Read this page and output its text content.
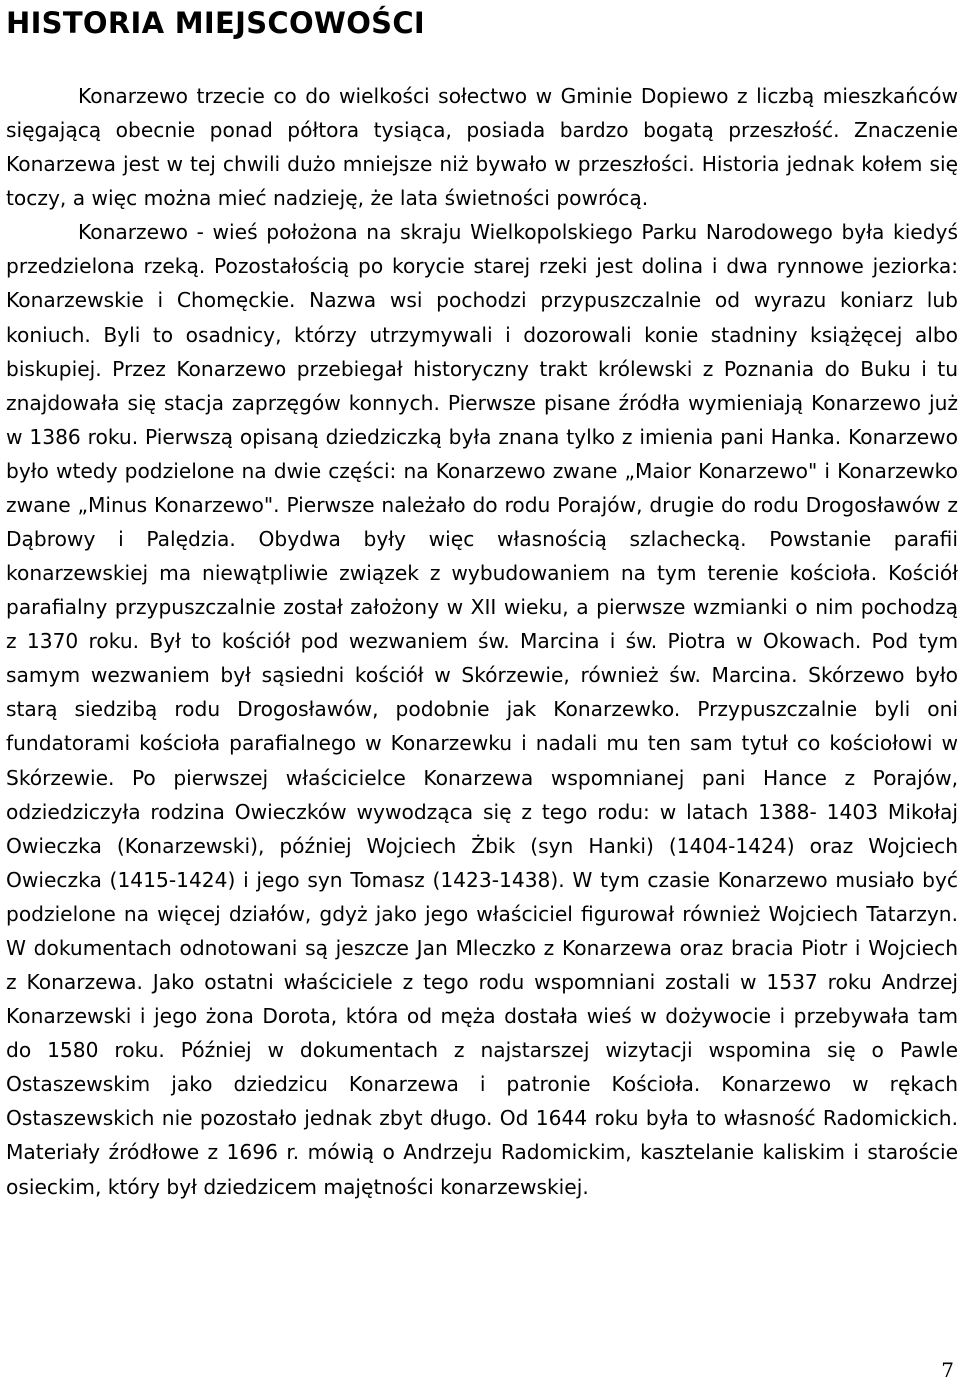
HISTORIA MIEJSCOWOŚCI

Konarzewo trzecie co do wielkości sołectwo w Gminie Dopiewo z liczbą mieszkańców sięgającą obecnie ponad półtora tysiąca, posiada bardzo bogatą przeszłość. Znaczenie Konarzewa jest w tej chwili dużo mniejsze niż bywało w przeszłości. Historia jednak kołem się toczy, a więc można mieć nadzieję, że lata świetności powrócą.

Konarzewo - wieś położona na skraju Wielkopolskiego Parku Narodowego była kiedyś przedzielona rzeką. Pozostałością po korycie starej rzeki jest dolina i dwa rynnowe jeziorka: Konarzewskie i Chomęckie. Nazwa wsi pochodzi przypuszczalnie od wyrazu koniarz lub koniuch. Byli to osadnicy, którzy utrzymywali i dozorowali konie stadniny książęcej albo biskupiej. Przez Konarzewo przebiegał historyczny trakt królewski z Poznania do Buku i tu znajdowała się stacja zaprzęgów konnych. Pierwsze pisane źródła wymieniają Konarzewo już w 1386 roku. Pierwszą opisaną dziedziczką była znana tylko z imienia pani Hanka. Konarzewo było wtedy podzielone na dwie części: na Konarzewo zwane „Maior Konarzewo" i Konarzewko zwane „Minus Konarzewo". Pierwsze należało do rodu Porajów, drugie do rodu Drogosławów z Dąbrowy i Palędzia. Obydwa były więc własnością szlachecką. Powstanie parafii konarzewskiej ma niewątpliwie związek z wybudowaniem na tym terenie kościoła. Kościół parafialny przypuszczalnie został założony w XII wieku, a pierwsze wzmianki o nim pochodzą z 1370 roku. Był to kościół pod wezwaniem św. Marcina i św. Piotra w Okowach. Pod tym samym wezwaniem był sąsiedni kościół w Skórzewie, również św. Marcina. Skórzewo było starą siedzibą rodu Drogosławów, podobnie jak Konarzewko. Przypuszczalnie byli oni fundatorami kościoła parafialnego w Konarzewku i nadali mu ten sam tytuł co kościołowi w Skórzewie. Po pierwszej właścicielce Konarzewa wspomnianej pani Hance z Porajów, odziedziczyła rodzina Owieczków wywodząca się z tego rodu: w latach 1388- 1403 Mikołaj Owieczka (Konarzewski), później Wojciech Żbik (syn Hanki) (1404-1424) oraz Wojciech Owieczka (1415-1424) i jego syn Tomasz (1423-1438). W tym czasie Konarzewo musiało być podzielone na więcej działów, gdyż jako jego właściciel figurował również Wojciech Tatarzyn. W dokumentach odnotowani są jeszcze Jan Mleczko z Konarzewa oraz bracia Piotr i Wojciech z Konarzewa. Jako ostatni właściciele z tego rodu wspomniani zostali w 1537 roku Andrzej Konarzewski i jego żona Dorota, która od męża dostała wieś w dożywocie i przebywała tam do 1580 roku. Później w dokumentach z najstarszej wizytacji wspomina się o Pawle Ostaszewskim jako dziedzicu Konarzewa i patronie Kościoła. Konarzewo w rękach Ostaszewskich nie pozostało jednak zbyt długo. Od 1644 roku była to własność Radomickich. Materiały źródłowe z 1696 r. mówią o Andrzeju Radomickim, kasztelanie kaliskim i staroście osieckim, który był dziedzicem majętności konarzewskiej.

7
